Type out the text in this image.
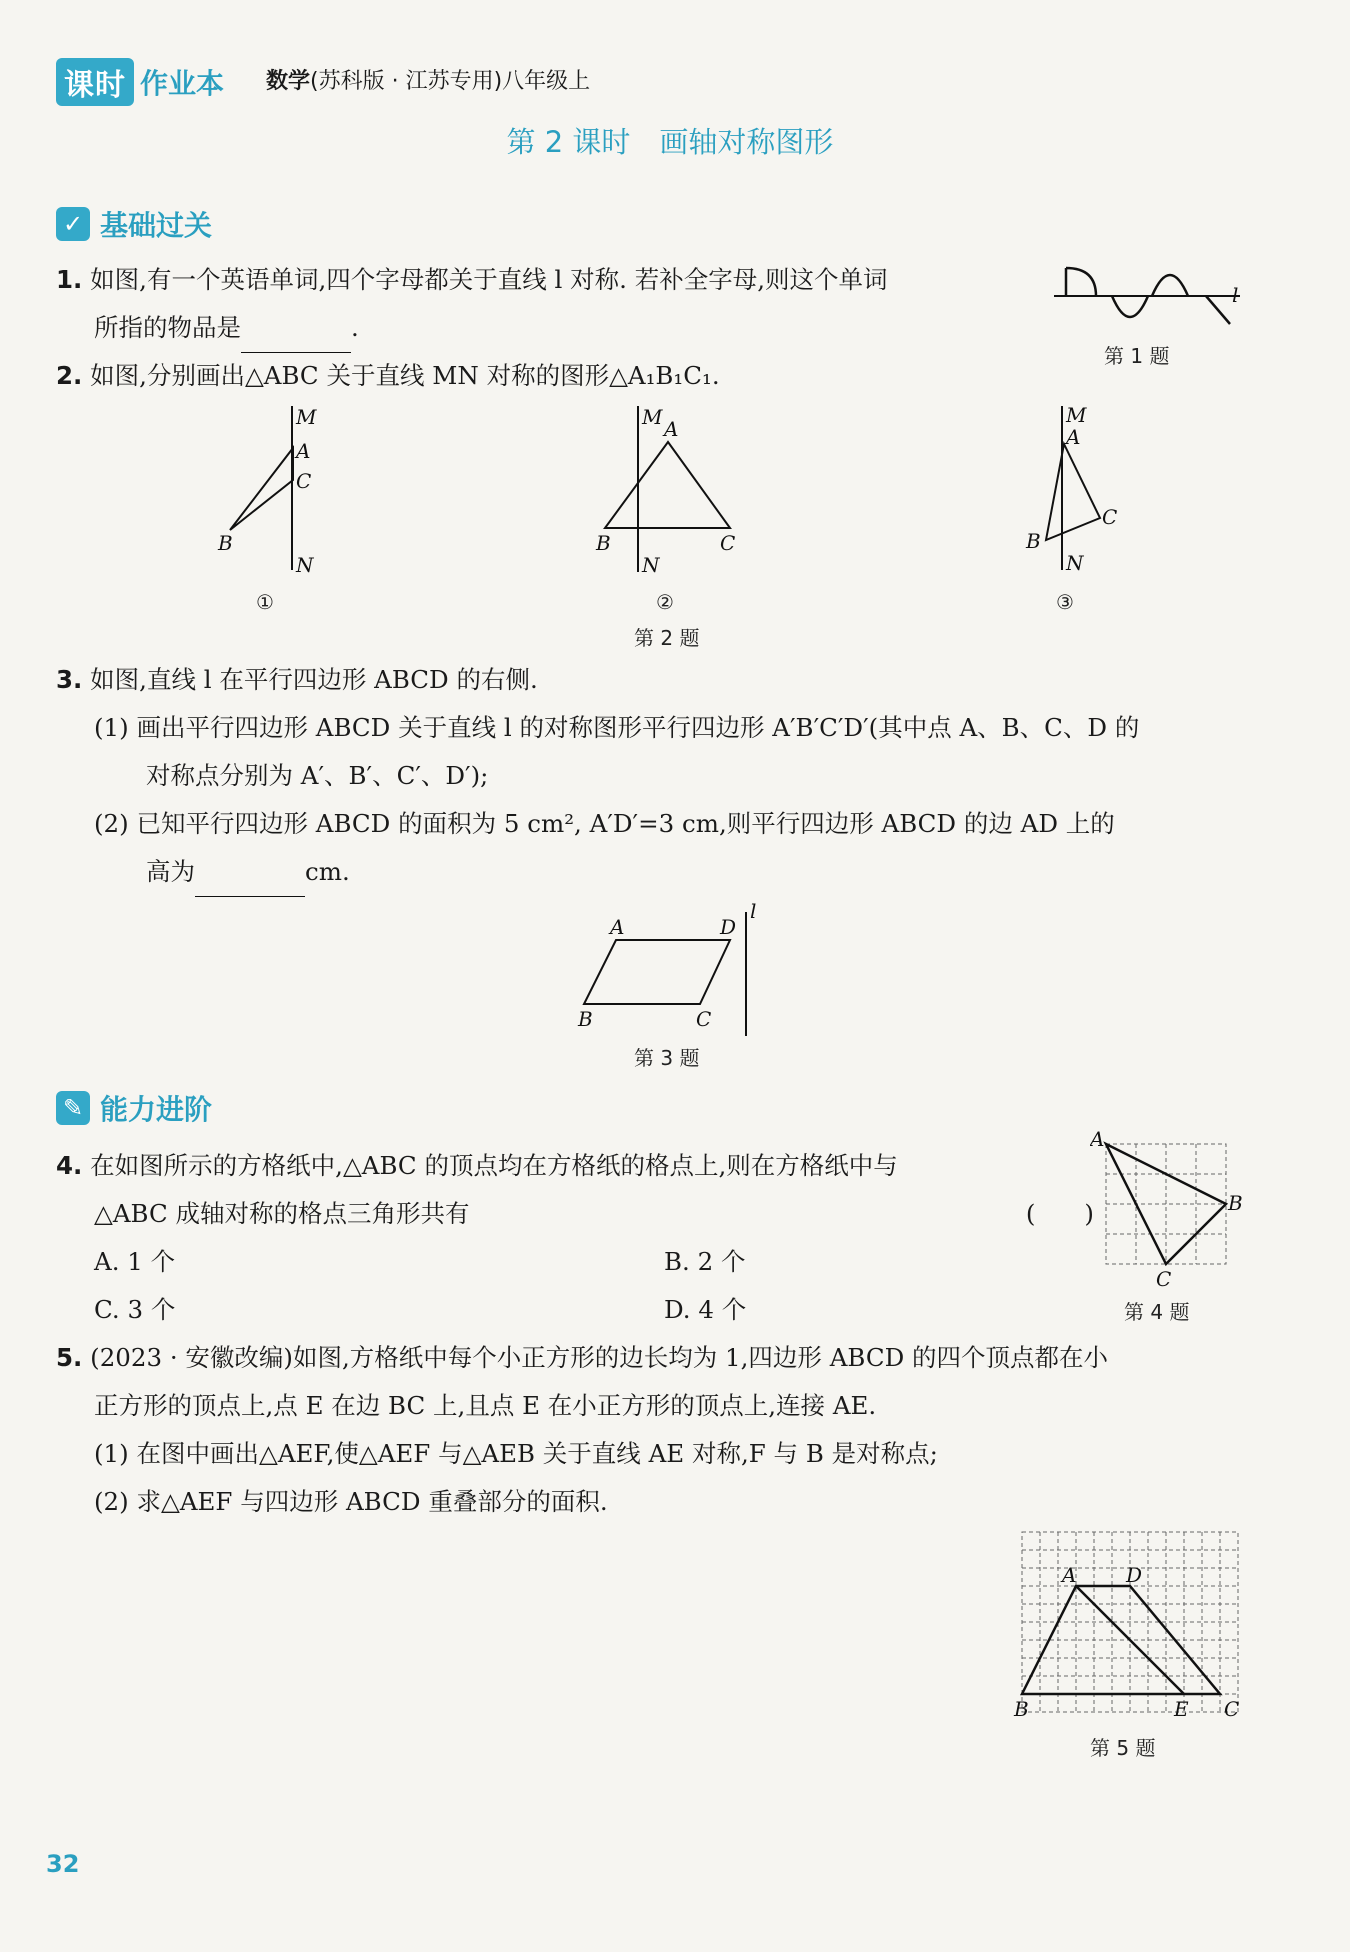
课时 作业本 数学(苏科版 · 江苏专用)八年级上
第 2 课时　画轴对称图形
✓ 基础过关
1. 如图,有一个英语单词,四个字母都关于直线 l 对称. 若补全字母,则这个单词
所指的物品是	.
l
第 1 题
2. 如图,分别画出△ABC 关于直线 MN 对称的图形△A₁B₁C₁.
M
A
C
B
N
M A
B	C
N
M
A
C
B
N
①	②	③
第 2 题
3. 如图,直线 l 在平行四边形 ABCD 的右侧.
(1) 画出平行四边形 ABCD 关于直线 l 的对称图形平行四边形 A′B′C′D′(其中点 A、B、C、D 的
对称点分别为 A′、B′、C′、D′);
(2) 已知平行四边形 ABCD 的面积为 5 cm², A′D′=3 cm,则平行四边形 ABCD 的边 AD 上的
高为	cm.
A	D
B	C
l
第 3 题
✎ 能力进阶
4. 在如图所示的方格纸中,△ABC 的顶点均在方格纸的格点上,则在方格纸中与
△ABC 成轴对称的格点三角形共有	(　　)
A. 1 个	B. 2 个
C. 3 个	D. 4 个
A
B
C
第 4 题
5. (2023 · 安徽改编)如图,方格纸中每个小正方形的边长均为 1,四边形 ABCD 的四个顶点都在小
正方形的顶点上,点 E 在边 BC 上,且点 E 在小正方形的顶点上,连接 AE.
(1) 在图中画出△AEF,使△AEF 与△AEB 关于直线 AE 对称,F 与 B 是对称点;
(2) 求△AEF 与四边形 ABCD 重叠部分的面积.
A D
B	E C
第 5 题
32
